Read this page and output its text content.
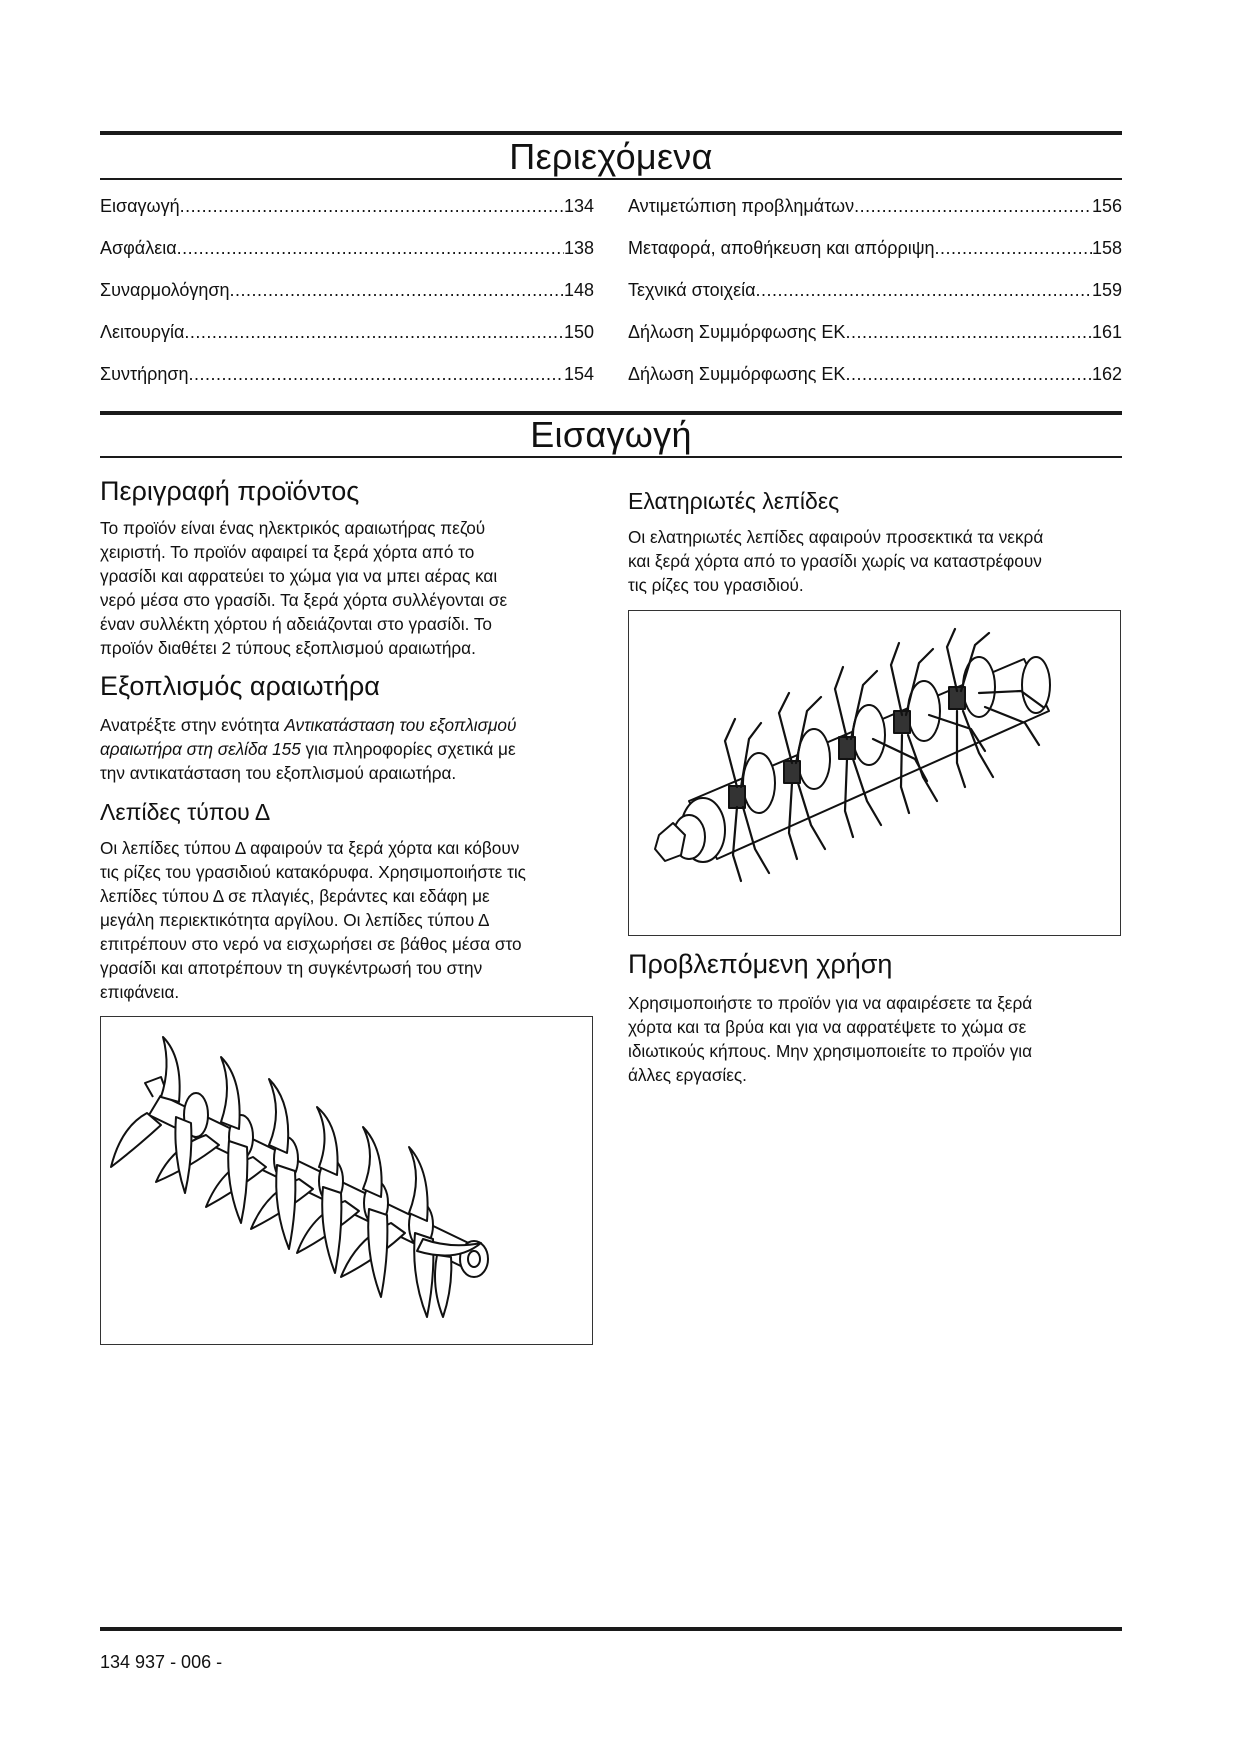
Περιεχόμενα
Εισαγωγή .....	134
Ασφάλεια .....	138
Συναρμολόγηση .....	148
Λειτουργία .....	150
Συντήρηση .....	154
Αντιμετώπιση προβλημάτων .....	156
Μεταφορά, αποθήκευση και απόρριψη .....	158
Τεχνικά στοιχεία .....	159
Δήλωση Συμμόρφωσης ΕΚ .....	161
Δήλωση Συμμόρφωσης ΕΚ .....	162
Εισαγωγή
Περιγραφή προϊόντος
Το προϊόν είναι ένας ηλεκτρικός αραιωτήρας πεζού
χειριστή. Το προϊόν αφαιρεί τα ξερά χόρτα από το
γρασίδι και αφρατεύει το χώμα για να μπει αέρας και
νερό μέσα στο γρασίδι. Τα ξερά χόρτα συλλέγονται σε
έναν συλλέκτη χόρτου ή αδειάζονται στο γρασίδι. Το
προϊόν διαθέτει 2 τύπους εξοπλισμού αραιωτήρα.
Εξοπλισμός αραιωτήρα
Ανατρέξτε στην ενότητα Αντικατάσταση του εξοπλισμού
αραιωτήρα στη σελίδα 155 για πληροφορίες σχετικά με
την αντικατάσταση του εξοπλισμού αραιωτήρα.
Λεπίδες τύπου Δ
Οι λεπίδες τύπου Δ αφαιρούν τα ξερά χόρτα και κόβουν
τις ρίζες του γρασιδιού κατακόρυφα. Χρησιμοποιήστε τις
λεπίδες τύπου Δ σε πλαγιές, βεράντες και εδάφη με
μεγάλη περιεκτικότητα αργίλου. Οι λεπίδες τύπου Δ
επιτρέπουν στο νερό να εισχωρήσει σε βάθος μέσα στο
γρασίδι και αποτρέπουν τη συγκέντρωσή του στην
επιφάνεια.
Ελατηριωτές λεπίδες
Οι ελατηριωτές λεπίδες αφαιρούν προσεκτικά τα νεκρά
και ξερά χόρτα από το γρασίδι χωρίς να καταστρέφουν
τις ρίζες του γρασιδιού.
Προβλεπόμενη χρήση
Χρησιμοποιήστε το προϊόν για να αφαιρέσετε τα ξερά
χόρτα και τα βρύα και για να αφρατέψετε το χώμα σε
ιδιωτικούς κήπους. Μην χρησιμοποιείτε το προϊόν για
άλλες εργασίες.
134 937 - 006 -
